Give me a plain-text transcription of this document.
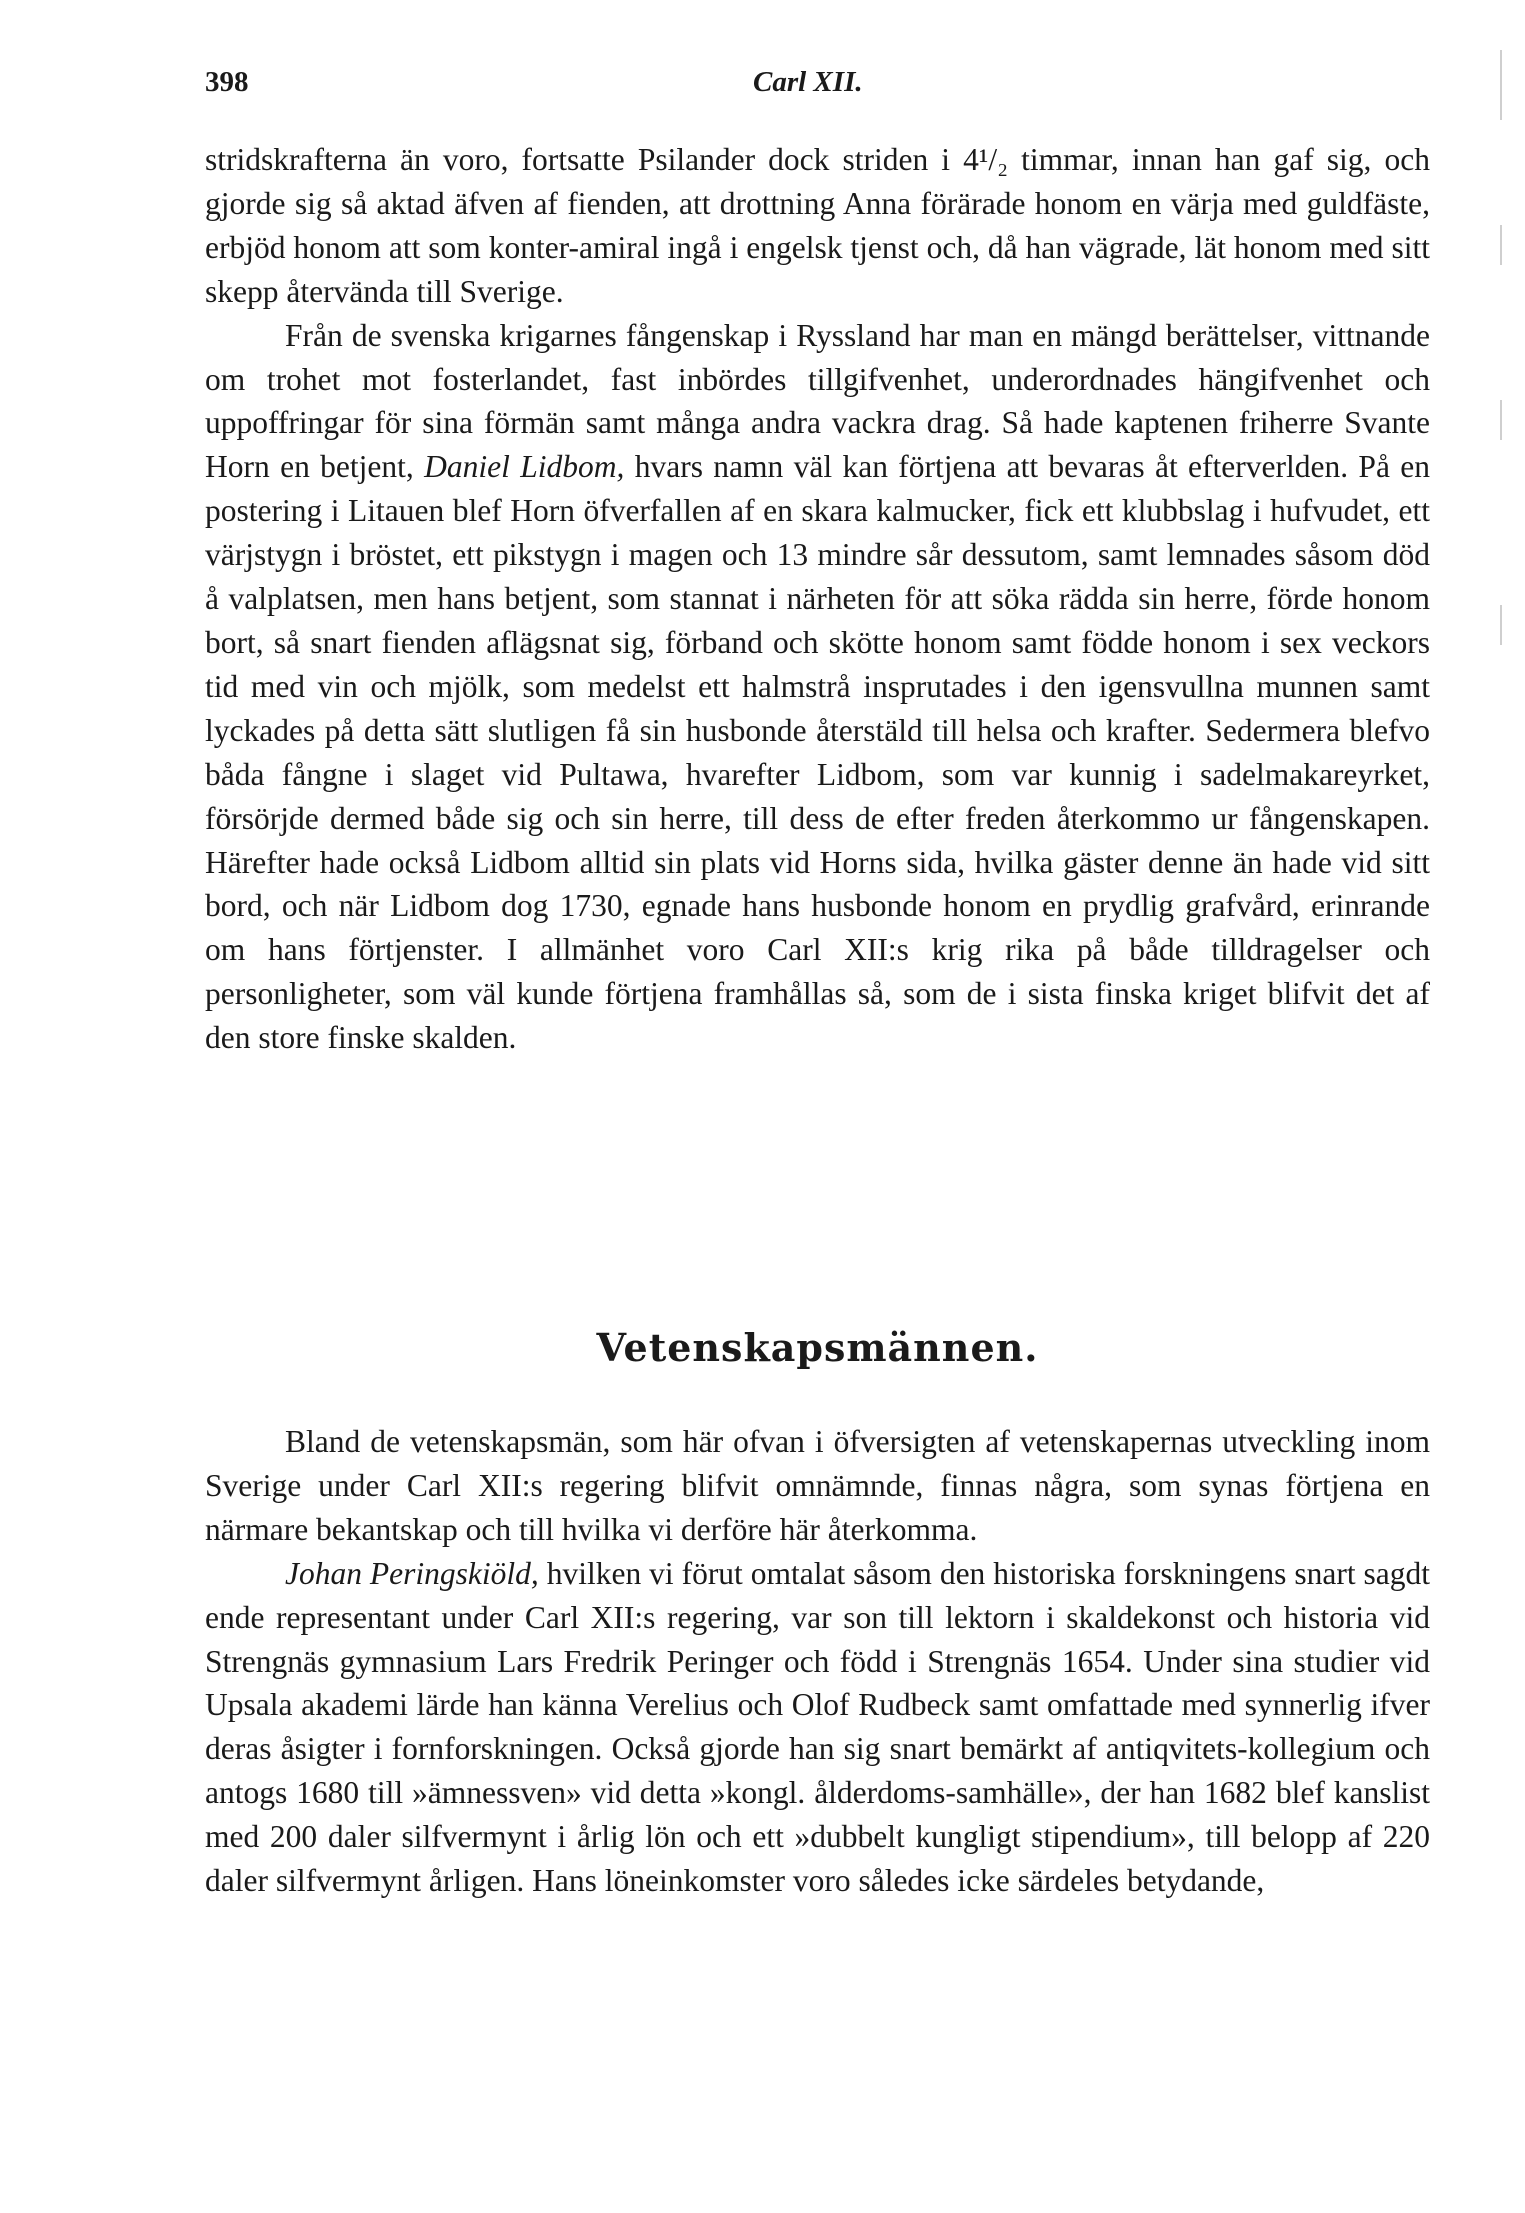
398	Carl XII.

stridskrafterna än voro, fortsatte Psilander dock striden i 4¹/₂ timmar, innan han gaf sig, och gjorde sig så aktad äfven af fienden, att drottning Anna förärade honom en värja med guldfäste, erbjöd honom att som konter-amiral ingå i engelsk tjenst och, då han vägrade, lät honom med sitt skepp återvända till Sverige.

Från de svenska krigarnes fångenskap i Ryssland har man en mängd berättelser, vittnande om trohet mot fosterlandet, fast inbördes tillgifvenhet, underordnades hängifvenhet och uppoffringar för sina förmän samt många andra vackra drag. Så hade kaptenen friherre Svante Horn en betjent, Daniel Lidbom, hvars namn väl kan förtjena att bevaras åt efterverlden. På en postering i Litauen blef Horn öfverfallen af en skara kalmucker, fick ett klubbslag i hufvudet, ett värjstygn i bröstet, ett pikstygn i magen och 13 mindre sår dessutom, samt lemnades såsom död å valplatsen, men hans betjent, som stannat i närheten för att söka rädda sin herre, förde honom bort, så snart fienden aflägsnat sig, förband och skötte honom samt födde honom i sex veckors tid med vin och mjölk, som medelst ett halmstrå insprutades i den igensvullna munnen samt lyckades på detta sätt slutligen få sin husbonde återstäld till helsa och krafter. Sedermera blefvo båda fångne i slaget vid Pultawa, hvarefter Lidbom, som var kunnig i sadelmakareyrket, försörjde dermed både sig och sin herre, till dess de efter freden återkommo ur fångenskapen. Härefter hade också Lidbom alltid sin plats vid Horns sida, hvilka gäster denne än hade vid sitt bord, och när Lidbom dog 1730, egnade hans husbonde honom en prydlig grafvård, erinrande om hans förtjenster. I allmänhet voro Carl XII:s krig rika på både tilldragelser och personligheter, som väl kunde förtjena framhållas så, som de i sista finska kriget blifvit det af den store finske skalden.

Vetenskapsmännen.

Bland de vetenskapsmän, som här ofvan i öfversigten af vetenskapernas utveckling inom Sverige under Carl XII:s regering blifvit omnämnde, finnas några, som synas förtjena en närmare bekantskap och till hvilka vi derföre här återkomma.

Johan Peringskiöld, hvilken vi förut omtalat såsom den historiska forskningens snart sagdt ende representant under Carl XII:s regering, var son till lektorn i skaldekonst och historia vid Strengnäs gymnasium Lars Fredrik Peringer och född i Strengnäs 1654. Under sina studier vid Upsala akademi lärde han känna Verelius och Olof Rudbeck samt omfattade med synnerlig ifver deras åsigter i fornforskningen. Också gjorde han sig snart bemärkt af antiqvitets-kollegium och antogs 1680 till »ämnessven» vid detta »kongl. ålderdoms-samhälle», der han 1682 blef kanslist med 200 daler silfvermynt i årlig lön och ett »dubbelt kungligt stipendium», till belopp af 220 daler silfvermynt årligen. Hans löneinkomster voro således icke särdeles betydande,
